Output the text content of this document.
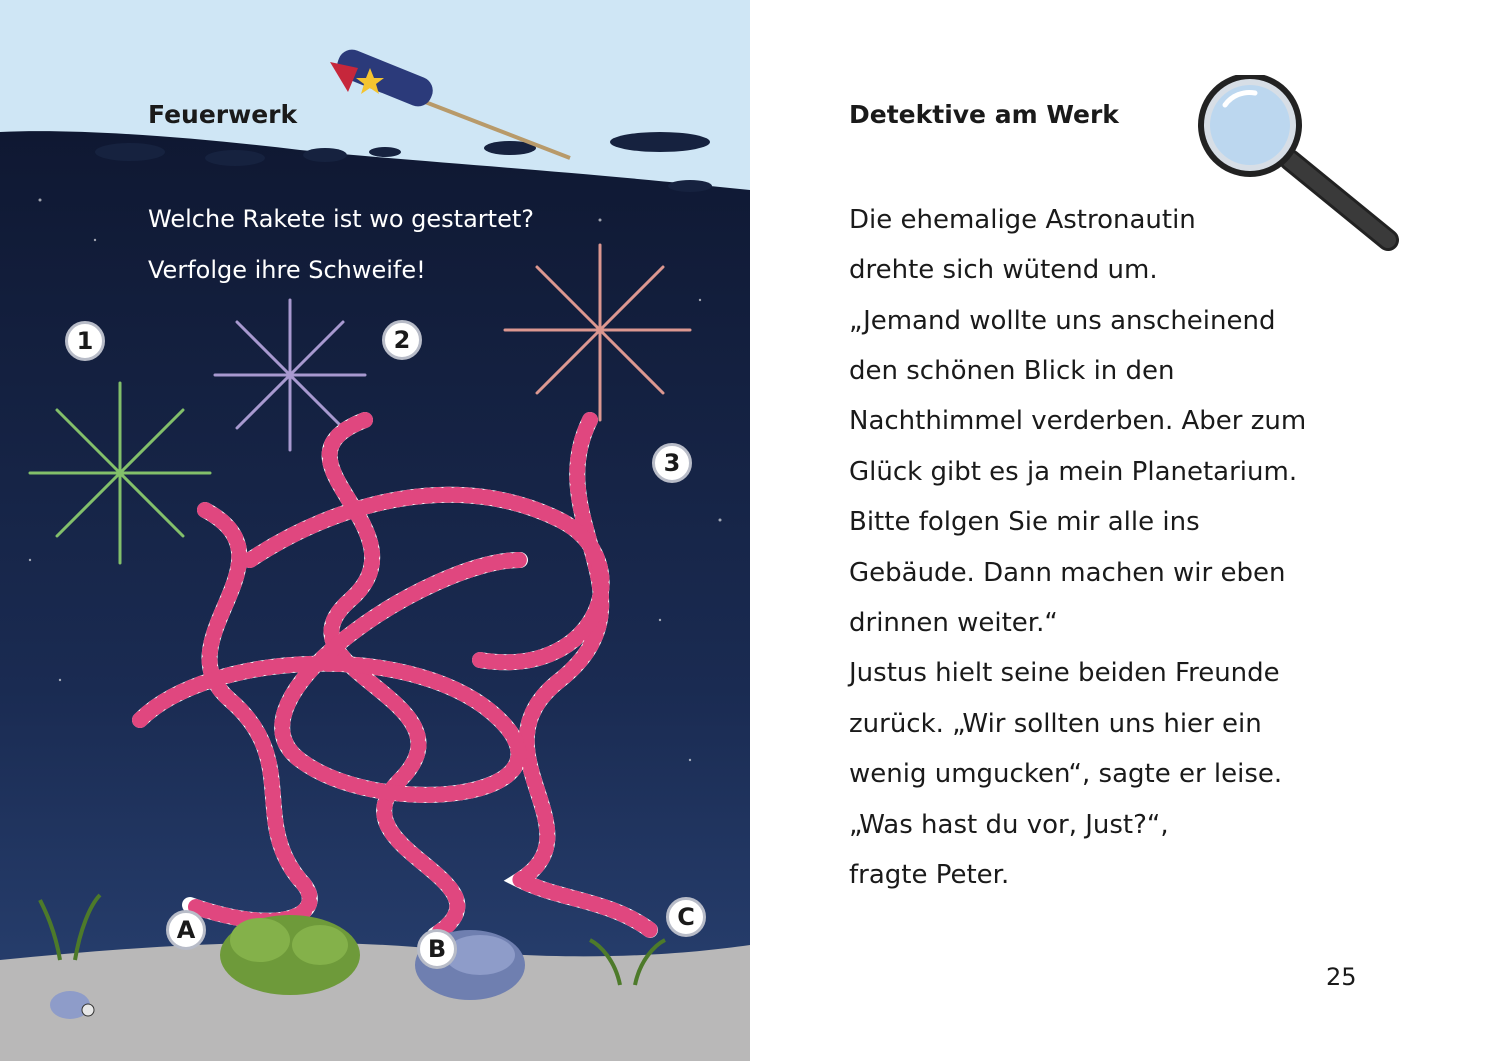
Feuerwerk
Welche Rakete ist wo gestartet?
Verfolge ihre Schweife!
1	2
3
A
B
C
Detektive am Werk
Die ehemalige Astronautin
drehte sich wütend um.
„Jemand wollte uns anscheinend
den schönen Blick in den
Nachthimmel verderben. Aber zum
Glück gibt es ja mein Planetarium.
Bitte folgen Sie mir alle ins
Gebäude. Dann machen wir eben
drinnen weiter.“
Justus hielt seine beiden Freunde
zurück. „Wir sollten uns hier ein
wenig umgucken“, sagte er leise.
„Was hast du vor, Just?“,
fragte Peter.
25
